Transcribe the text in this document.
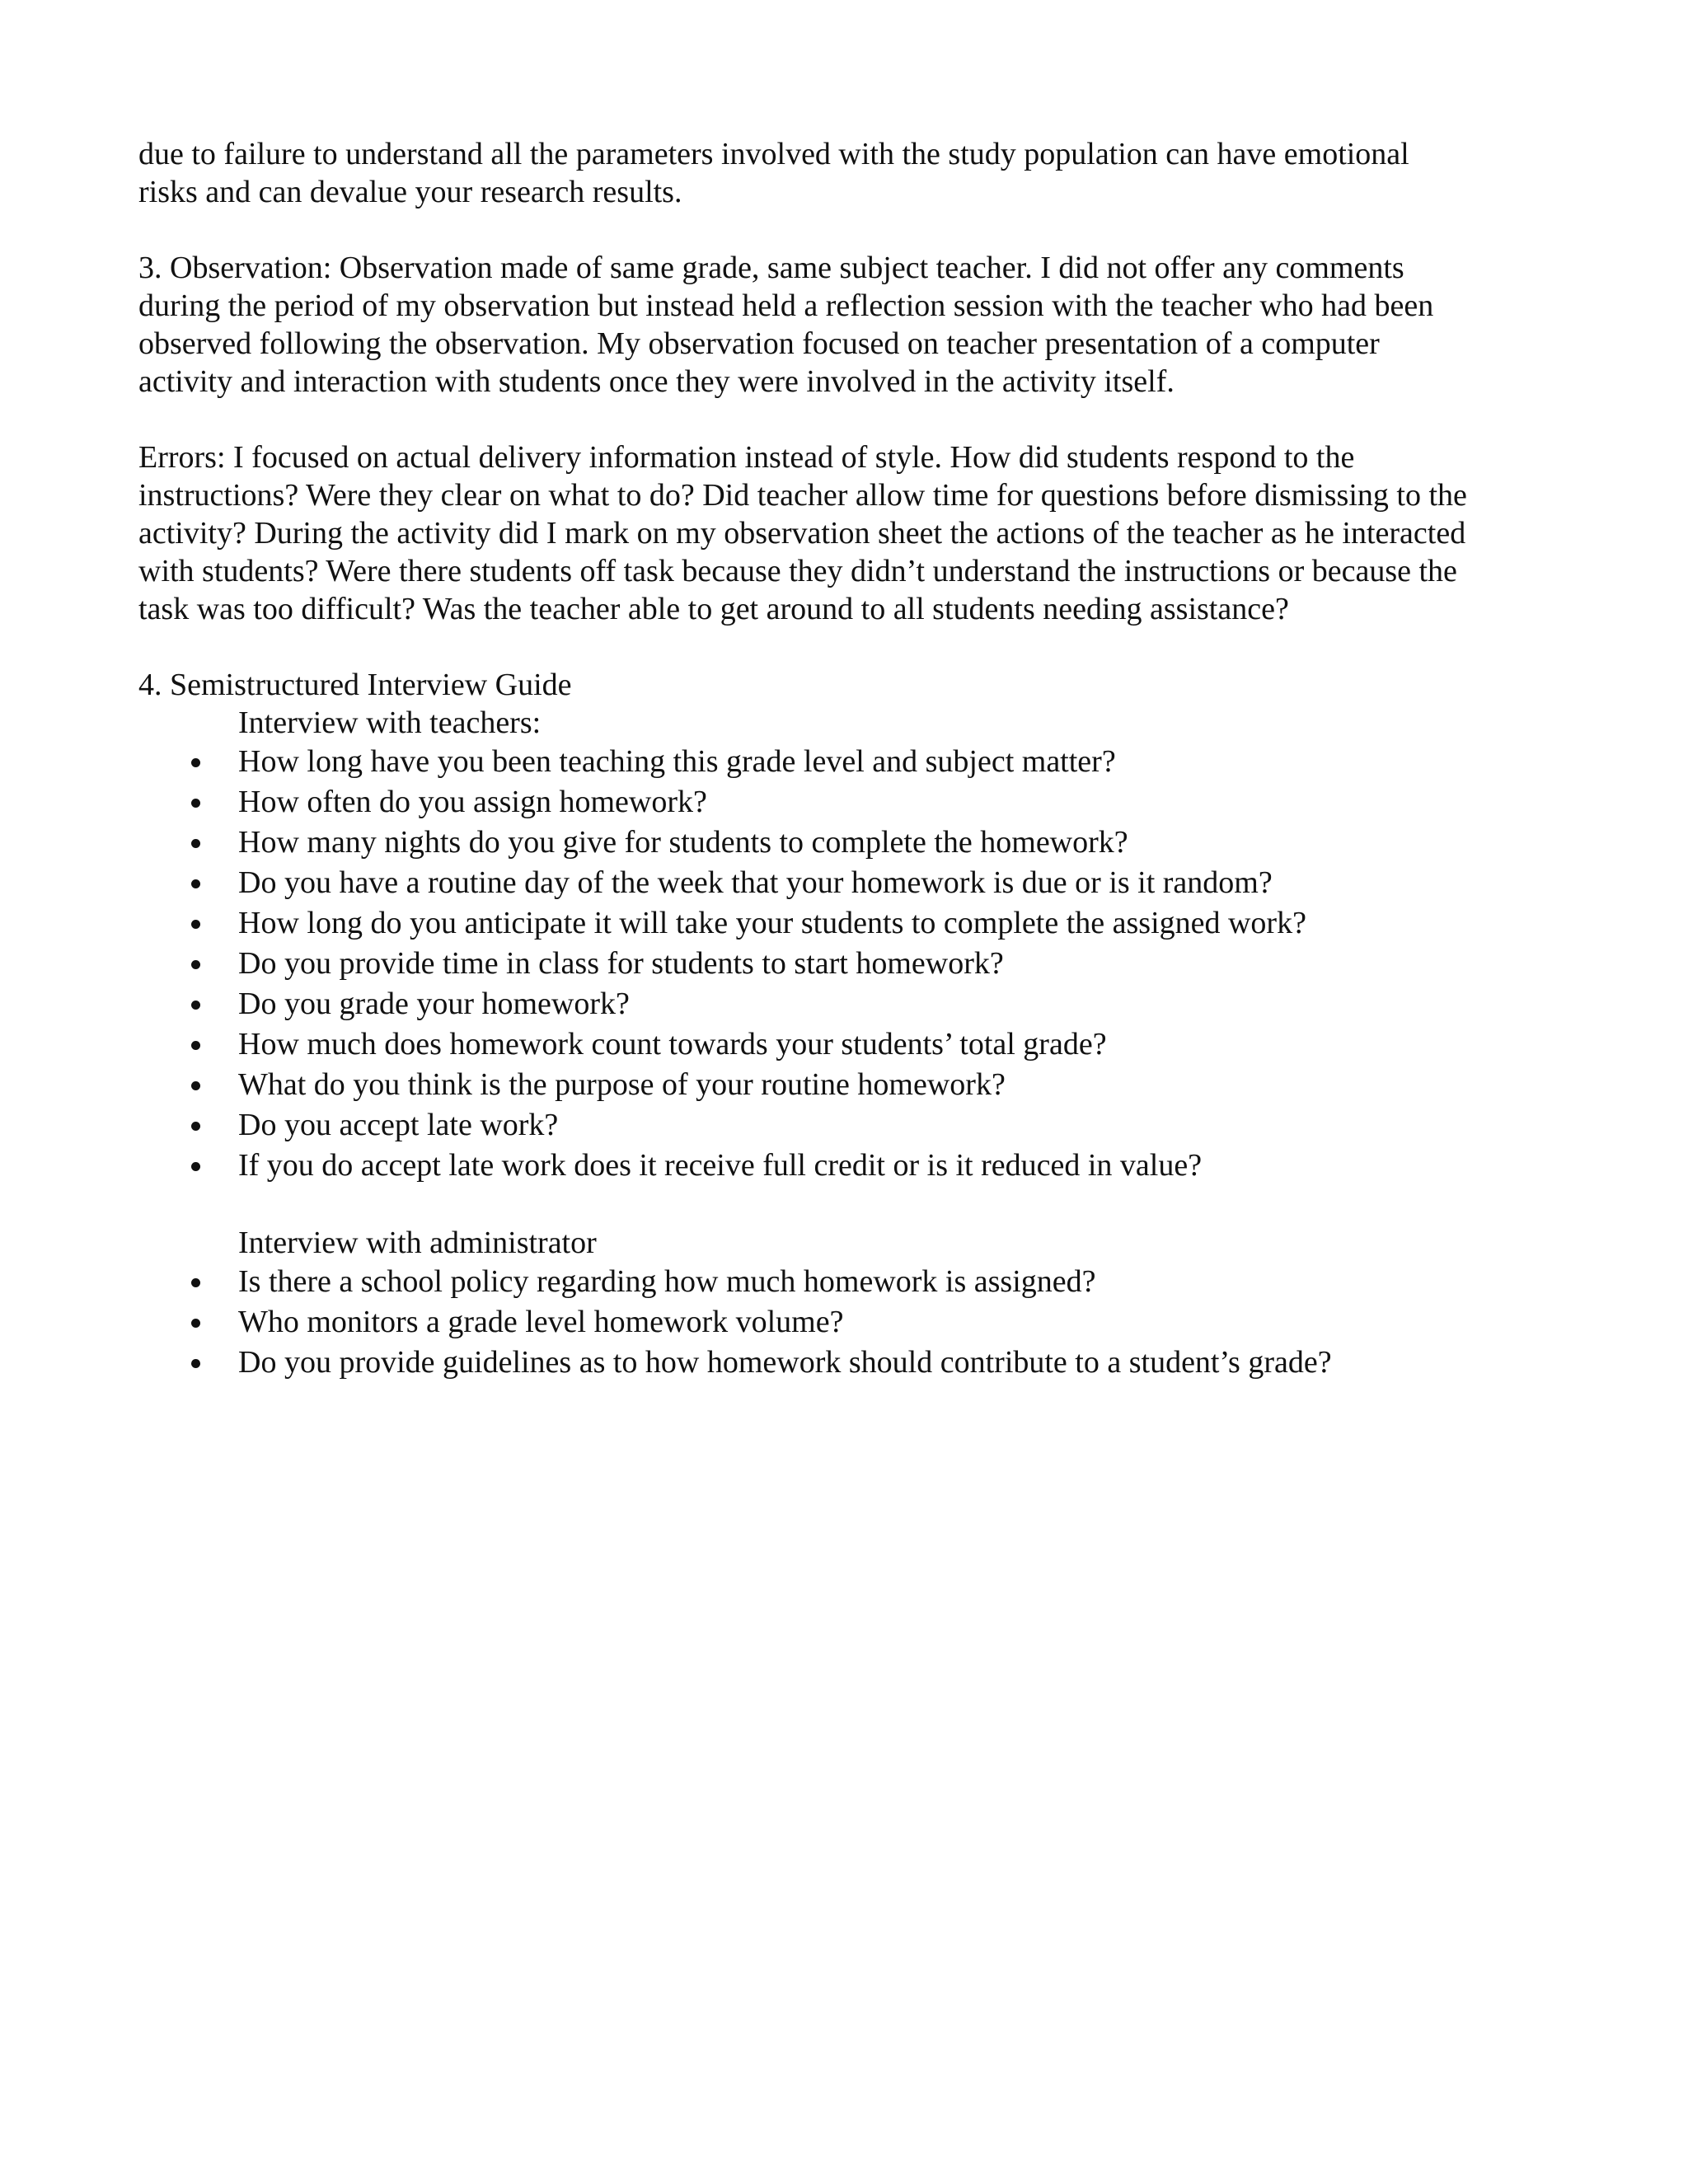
due to failure to understand all the parameters involved with the study population can have emotional
risks and can devalue your research results.

3. Observation: Observation made of same grade, same subject teacher. I did not offer any comments
during the period of my observation but instead held a reflection session with the teacher who had been
observed following the observation. My observation focused on teacher presentation of a computer
activity and interaction with students once they were involved in the activity itself.

Errors: I focused on actual delivery information instead of style. How did students respond to the
instructions? Were they clear on what to do? Did teacher allow time for questions before dismissing to the
activity? During the activity did I mark on my observation sheet the actions of the teacher as he interacted
with students? Were there students off task because they didn’t understand the instructions or because the
task was too difficult? Was the teacher able to get around to all students needing assistance?

4. Semistructured Interview Guide

Interview with teachers:

How long have you been teaching this grade level and subject matter?
How often do you assign homework?
How many nights do you give for students to complete the homework?
Do you have a routine day of the week that your homework is due or is it random?
How long do you anticipate it will take your students to complete the assigned work?
Do you provide time in class for students to start homework?
Do you grade your homework?
How much does homework count towards your students’ total grade?
What do you think is the purpose of your routine homework?
Do you accept late work?
If you do accept late work does it receive full credit or is it reduced in value?

Interview with administrator

Is there a school policy regarding how much homework is assigned?
Who monitors a grade level homework volume?
Do you provide guidelines as to how homework should contribute to a student’s grade?
